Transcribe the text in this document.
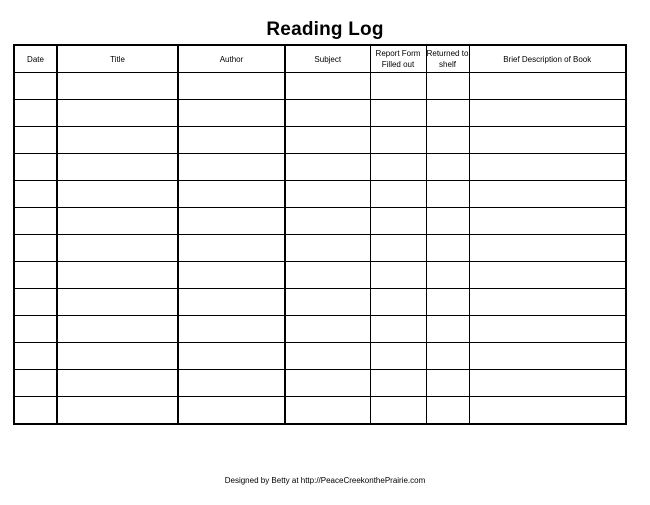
Reading Log
Date	Title	Author	Subject	Report Form Filled out	Returned to shelf	Brief Description of Book

Designed by Betty at http://PeaceCreekonthePrairie.com
